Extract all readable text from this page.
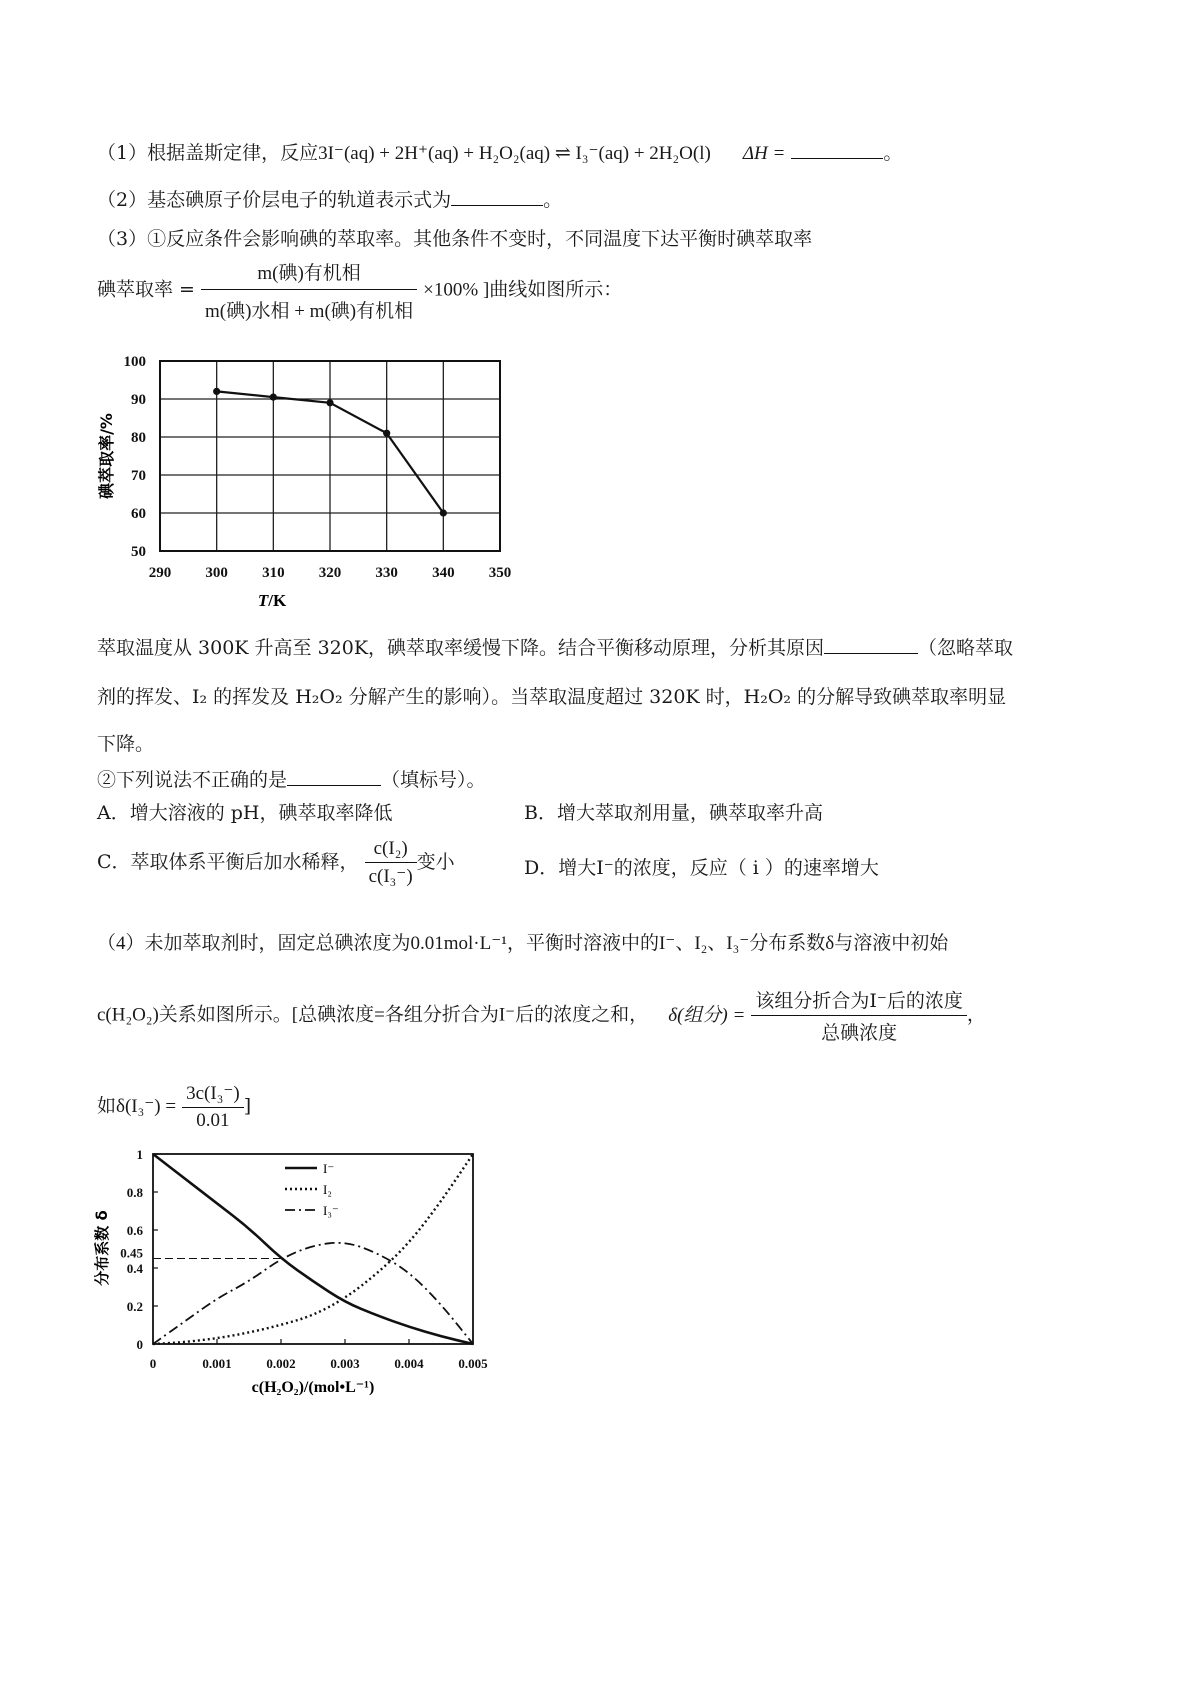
（1）根据盖斯定律，反应3I⁻(aq) + 2H⁺(aq) + H₂O₂(aq) ⇌ I₃⁻(aq) + 2H₂O(l) ΔH =	。
（2）基态碘原子价层电子的轨道表示式为	。
（3）①反应条件会影响碘的萃取率。其他条件不变时，不同温度下达平衡时碘萃取率
碘萃取率 = $\frac{\text{m(碘)有机相}}{\text{m(碘)水相 + m(碘)有机相}} \times 100\%$ ]曲线如图所示：
290 300 310 320 330 340 350
50
60
70
80
90
100
碘萃取率/%
T/K
萃取温度从 300K 升高至 320K，碘萃取率缓慢下降。结合平衡移动原理，分析其原因	（忽略萃取
剂的挥发、I₂ 的挥发及 H₂O₂ 分解产生的影响）。当萃取温度超过 320K 时，H₂O₂ 的分解导致碘萃取率明显
下降。
②下列说法不正确的是	（填标号）。
A．增大溶液的 pH，碘萃取率降低	B．增大萃取剂用量，碘萃取率升高
C．萃取体系平衡后加水稀释， $\frac{\text{c(I₂)}}{\text{c(I₃⁻)}}$ 变小	D．增大I⁻的浓度，反应（ i ）的速率增大
（4）未加萃取剂时，固定总碘浓度为0.01mol·L⁻¹，平衡时溶液中的I⁻、I₂、I₃⁻分布系数δ与溶液中初始
c(H₂O₂)关系如图所示。[总碘浓度=各组分折合为I⁻后的浓度之和， δ(组分) = $\frac{\text{该组分折合为I⁻后的浓度}}{\text{总碘浓度}}$ ，
如$\delta(I_3^-) = \frac{\text{3c(I₃⁻)}}{0.01}$ ]
0	0.001	0.002	0.003	0.004	0.005
0
0.2
0.4
0.45
0.6
0.8
1
I⁻
I₂
I₃⁻
分布系数 δ
c(H₂O₂)/(mol•L⁻¹)
